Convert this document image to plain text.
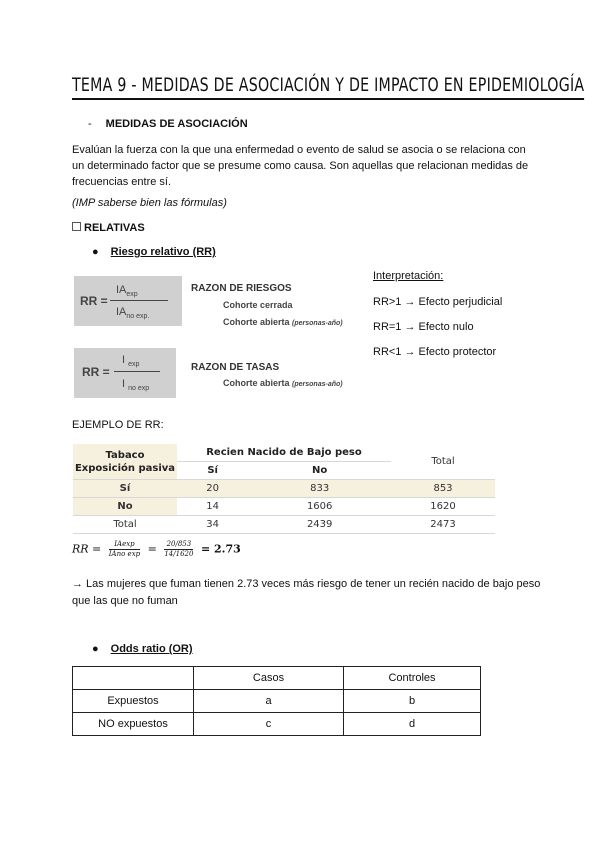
TEMA 9 - MEDIDAS DE ASOCIACIÓN Y DE IMPACTO EN EPIDEMIOLOGÍA
- MEDIDAS DE ASOCIACIÓN
Evalúan la fuerza con la que una enfermedad o evento de salud se asocia o se relaciona con un determinado factor que se presume como causa. Son aquellas que relacionan medidas de frecuencias entre sí.
(IMP saberse bien las fórmulas)
RELATIVAS
● Riesgo relativo (RR)
RR =
$IA_{exp}$
$IA_{no exp.}$
RAZON DE RIESGOS
Cohorte cerrada
Cohorte abierta (personas-año)
RR =
I $_{exp}$
I $_{no exp}$
RAZON DE TASAS
Cohorte abierta (personas-año)
Interpretación:
RR>1 → Efecto perjudicial
RR=1 → Efecto nulo
RR<1 → Efecto protector
EJEMPLO DE RR:
Tabaco
Exposición pasiva	Recien Nacido de Bajo peso		Total
	Sí	No	
Sí	20	833	853
No	14	1606	1620
Total	34	2439	2473
RR =	IAexp
IAno $\exp = \frac{20/853}{14/1620} = 2.73$
→ Las mujeres que fuman tienen 2.73 veces más riesgo de tener un recién nacido de bajo peso que las que no fuman
● Odds ratio (OR)
	Casos	Controles
Expuestos	a	b
NO expuestos	c	d
